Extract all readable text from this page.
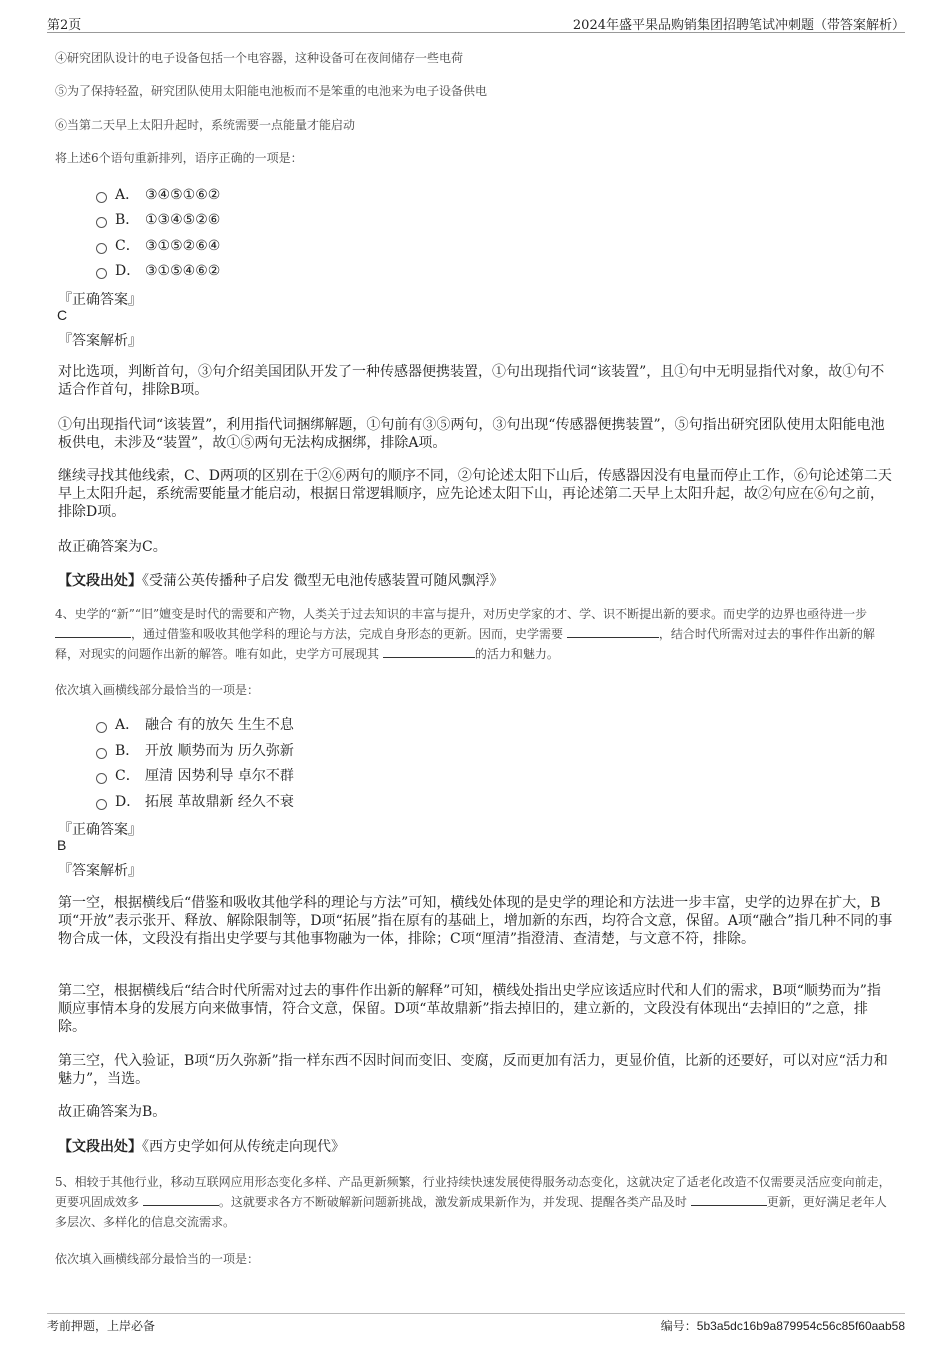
第2页	2024年盛平果品购销集团招聘笔试冲刺题（带答案解析）
④研究团队设计的电子设备包括一个电容器，这种设备可在夜间储存一些电荷
⑤为了保持轻盈，研究团队使用太阳能电池板而不是笨重的电池来为电子设备供电
⑥当第二天早上太阳升起时，系统需要一点能量才能启动
将上述6个语句重新排列，语序正确的一项是：
A． ③④⑤①⑥②
B． ①③④⑤②⑥
C． ③①⑤②⑥④
D． ③①⑤④⑥②
『正确答案』
C
『答案解析』
对比选项，判断首句，③句介绍美国团队开发了一种传感器便携装置，①句出现指代词“该装置”，且①句中无明显指代对象，故①句不适合作首句，排除B项。
①句出现指代词“该装置”，利用指代词捆绑解题，①句前有③⑤两句，③句出现“传感器便携装置”，⑤句指出研究团队使用太阳能电池板供电，未涉及“装置”，故①⑤两句无法构成捆绑，排除A项。
继续寻找其他线索，C、D两项的区别在于②⑥两句的顺序不同，②句论述太阳下山后，传感器因没有电量而停止工作，⑥句论述第二天早上太阳升起，系统需要能量才能启动，根据日常逻辑顺序，应先论述太阳下山，再论述第二天早上太阳升起，故②句应在⑥句之前，排除D项。
故正确答案为C。
【文段出处】《受蒲公英传播种子启发 微型无电池传感装置可随风飘浮》
4、史学的“新”“旧”嬗变是时代的需要和产物，人类关于过去知识的丰富与提升，对历史学家的才、学、识不断提出新的要求。而史学的边界也亟待进一步 ，通过借鉴和吸收其他学科的理论与方法，完成自身形态的更新。因而，史学需要	，结合时代所需对过去的事件作出新的解释，对现实的问题作出新的解答。唯有如此，史学方可展现其	的活力和魅力。
依次填入画横线部分最恰当的一项是：
A． 融合 有的放矢 生生不息
B． 开放 顺势而为 历久弥新
C． 厘清 因势利导 卓尔不群
D． 拓展 革故鼎新 经久不衰
『正确答案』
B
『答案解析』
第一空，根据横线后“借鉴和吸收其他学科的理论与方法”可知，横线处体现的是史学的理论和方法进一步丰富，史学的边界在扩大，B项“开放”表示张开、释放、解除限制等，D项“拓展”指在原有的基础上，增加新的东西，均符合文意，保留。A项“融合”指几种不同的事物合成一体，文段没有指出史学要与其他事物融为一体，排除；C项“厘清”指澄清、查清楚，与文意不符，排除。
第二空，根据横线后“结合时代所需对过去的事件作出新的解释”可知，横线处指出史学应该适应时代和人们的需求，B项“顺势而为”指顺应事情本身的发展方向来做事情，符合文意，保留。D项“革故鼎新”指去掉旧的，建立新的，文段没有体现出“去掉旧的”之意，排除。
第三空，代入验证，B项“历久弥新”指一样东西不因时间而变旧、变腐，反而更加有活力，更显价值，比新的还要好，可以对应“活力和魅力”，当选。
故正确答案为B。
【文段出处】《西方史学如何从传统走向现代》
5、相较于其他行业，移动互联网应用形态变化多样、产品更新频繁，行业持续快速发展使得服务动态变化，这就决定了适老化改造不仅需要灵活应变向前走，更要巩固成效多	。这就要求各方不断破解新问题新挑战，激发新成果新作为，并发现、提醒各类产品及时	更新，更好满足老年人多层次、多样化的信息交流需求。
依次填入画横线部分最恰当的一项是：
考前押题，上岸必备	编号：5b3a5dc16b9a879954c56c85f60aab58
